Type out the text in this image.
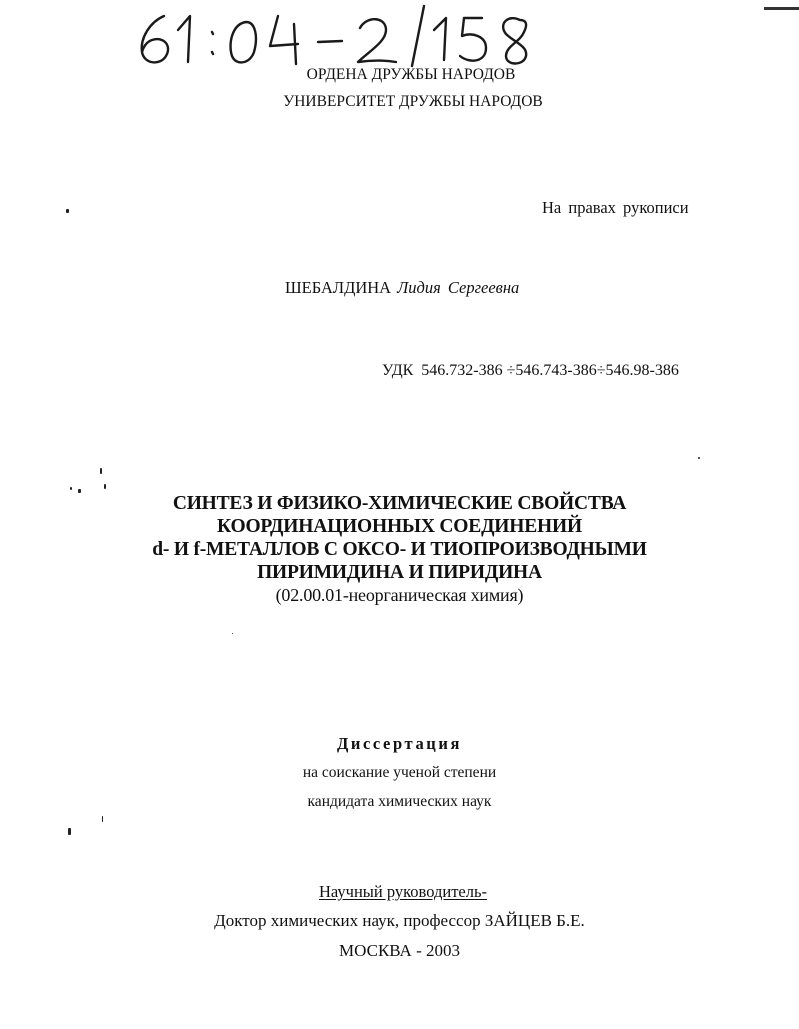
ОРДЕНА ДРУЖБЫ НАРОДОВ
УНИВЕРСИТЕТ ДРУЖБЫ НАРОДОВ
На правах рукописи
ШЕБАЛДИНА Лидия Сергеевна
УДК 546.732-386 ÷546.743-386÷546.98-386
СИНТЕЗ И ФИЗИКО-ХИМИЧЕСКИЕ СВОЙСТВА
КООРДИНАЦИОННЫХ СОЕДИНЕНИЙ
d- И f-МЕТАЛЛОВ С ОКСО- И ТИОПРОИЗВОДНЫМИ
ПИРИМИДИНА И ПИРИДИНА
(02.00.01-неорганическая химия)
Диссертация
на соискание ученой степени
кандидата химических наук
Научный руководитель-
Доктор химических наук, профессор ЗАЙЦЕВ Б.Е.
МОСКВА - 2003
